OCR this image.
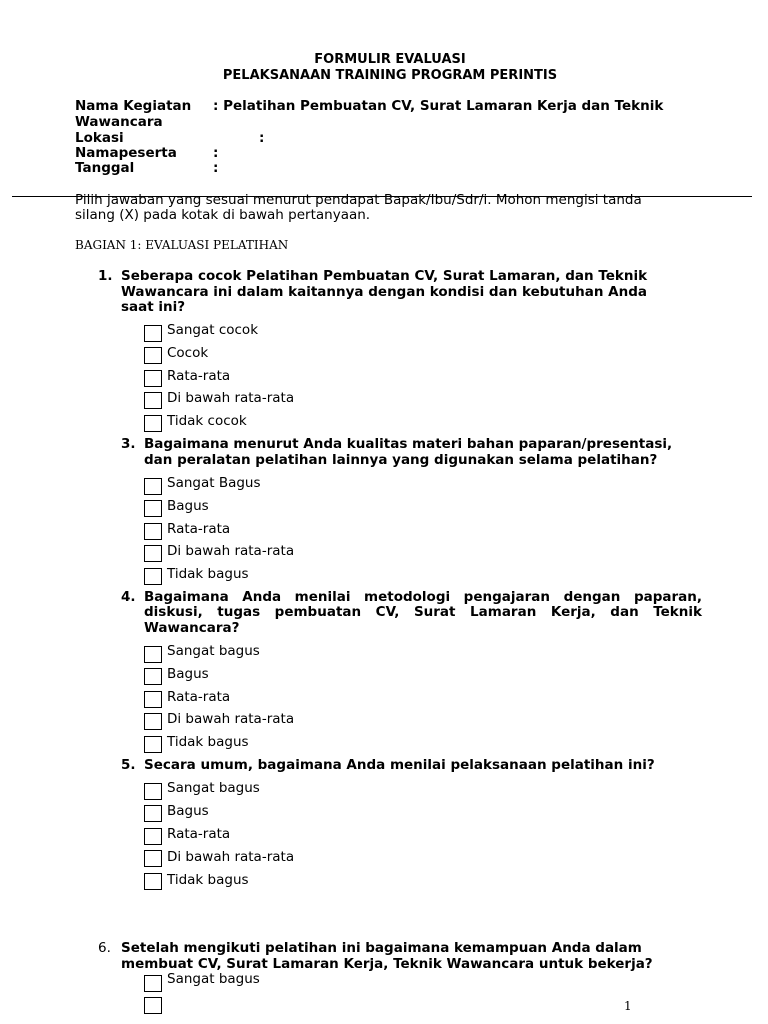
FORMULIR EVALUASI
PELAKSANAAN TRAINING PROGRAM PERINTIS
Nama Kegiatan : Pelatihan Pembuatan CV, Surat Lamaran Kerja dan Teknik
Wawancara
Lokasi	:
Namapeserta	:
Tanggal	:
Pilih jawaban yang sesuai menurut pendapat Bapak/Ibu/Sdr/i. Mohon mengisi tanda
silang (X) pada kotak di bawah pertanyaan.
BAGIAN 1: EVALUASI PELATIHAN
1. Seberapa cocok Pelatihan Pembuatan CV, Surat Lamaran, dan Teknik
Wawancara ini dalam kaitannya dengan kondisi dan kebutuhan Anda
saat ini?
Sangat cocok
Cocok
Rata-rata
Di bawah rata-rata
Tidak cocok
3. Bagaimana menurut Anda kualitas materi bahan paparan/presentasi,
dan peralatan pelatihan lainnya yang digunakan selama pelatihan?
Sangat Bagus
Bagus
Rata-rata
Di bawah rata-rata
Tidak bagus
4. Bagaimana Anda menilai metodologi pengajaran dengan paparan,
diskusi, tugas pembuatan CV, Surat Lamaran Kerja, dan Teknik
Wawancara?
Sangat bagus
Bagus
Rata-rata
Di bawah rata-rata
Tidak bagus
5. Secara umum, bagaimana Anda menilai pelaksanaan pelatihan ini?
Sangat bagus
Bagus
Rata-rata
Di bawah rata-rata
Tidak bagus
6. Setelah mengikuti pelatihan ini bagaimana kemampuan Anda dalam
membuat CV, Surat Lamaran Kerja, Teknik Wawancara untuk bekerja?
Sangat bagus
1
